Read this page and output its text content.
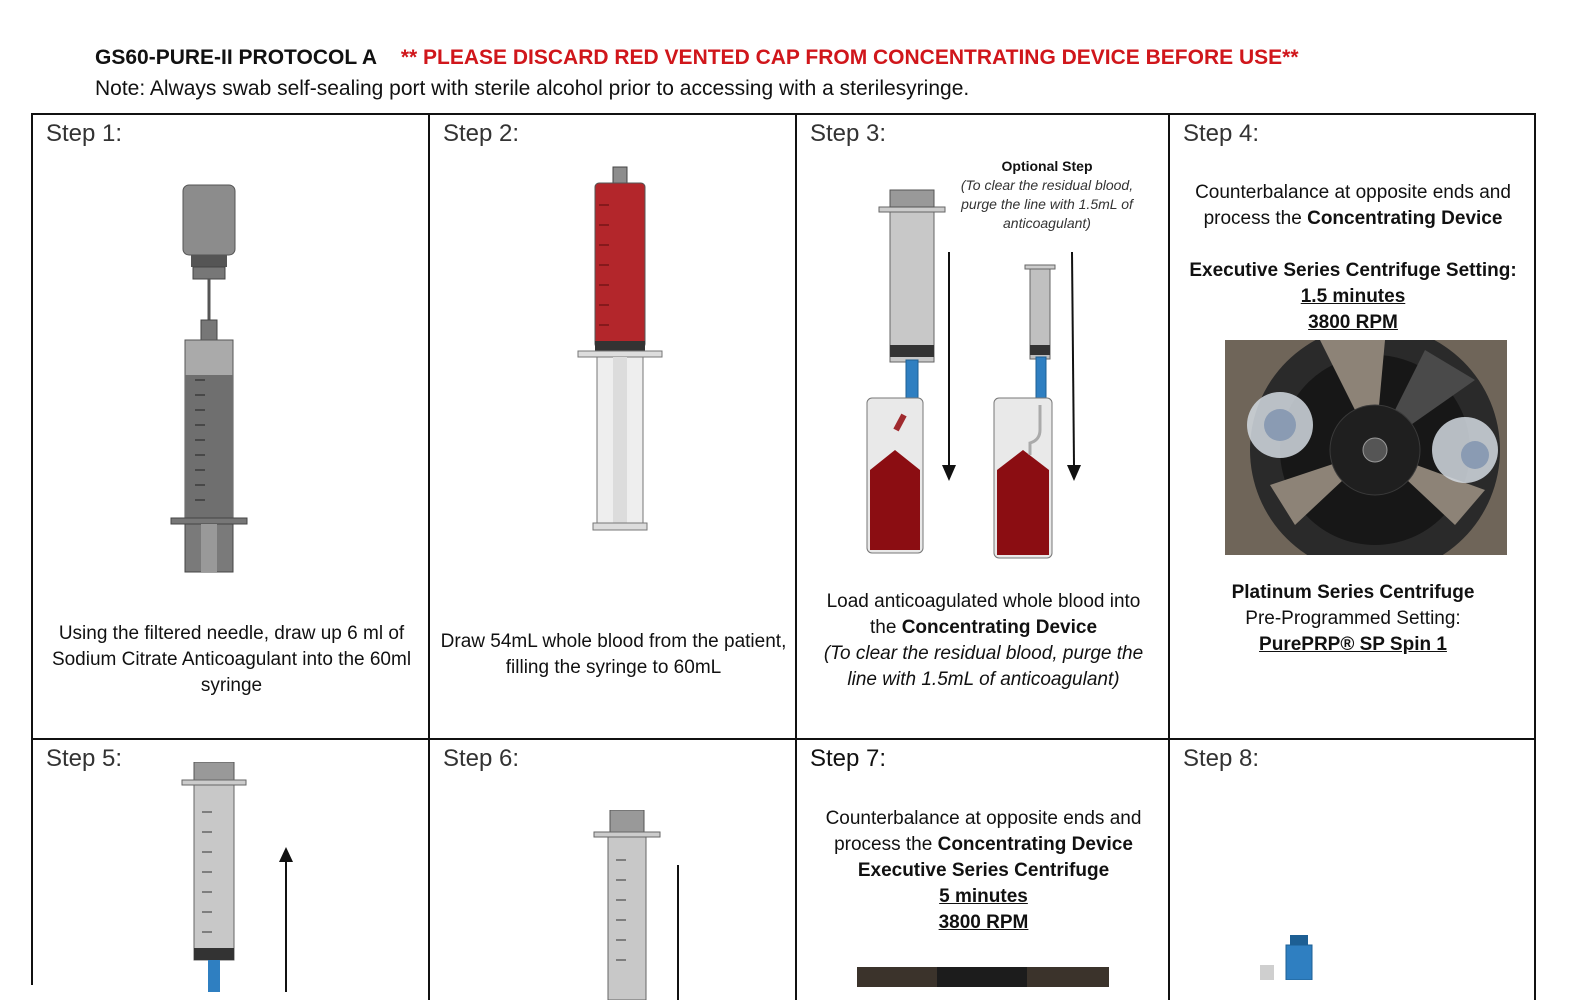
GS60-PURE-II PROTOCOL A ** PLEASE DISCARD RED VENTED CAP FROM CONCENTRATING DEVICE BEFORE USE**
Note: Always swab self-sealing port with sterile alcohol prior to accessing with a sterilesyringe.
Step 1:
Using the filtered needle, draw up 6 ml of Sodium Citrate Anticoagulant into the 60ml syringe
Step 2:
Draw 54mL whole blood from the patient, filling the syringe to 60mL
Step 3:
Optional Step
(To clear the residual blood, purge the line with 1.5mL of anticoagulant)
Load anticoagulated whole blood into the Concentrating Device
(To clear the residual blood, purge the line with 1.5mL of anticoagulant)
Step 4:
Counterbalance at opposite ends and process the Concentrating Device
Executive Series Centrifuge Setting:
1.5 minutes
3800 RPM
Platinum Series Centrifuge
Pre-Programmed Setting:
PurePRP® SP Spin 1
Step 5:	Step 6:	Step 7:
Counterbalance at opposite ends and process the Concentrating Device
Executive Series Centrifuge
5 minutes
3800 RPM
Step 8:
